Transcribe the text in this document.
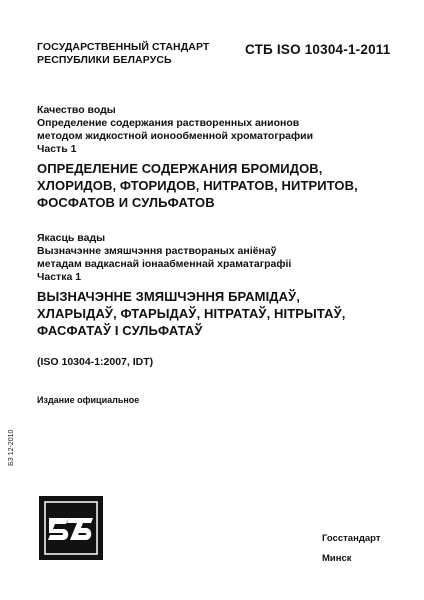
ГОСУДАРСТВЕННЫЙ СТАНДАРТ
РЕСПУБЛИКИ БЕЛАРУСЬ
СТБ ISO 10304-1-2011
Качество воды
Определение содержания растворенных анионов
методом жидкостной ионообменной хроматографии
Часть 1
ОПРЕДЕЛЕНИЕ СОДЕРЖАНИЯ БРОМИДОВ,
ХЛОРИДОВ, ФТОРИДОВ, НИТРАТОВ, НИТРИТОВ,
ФОСФАТОВ И СУЛЬФАТОВ
Якасць вады
Вызначэнне змяшчэння раствораных аніёнаў
метадам вадкаснай іонаабменнай храматаграфіі
Частка 1
ВЫЗНАЧЭННЕ ЗМЯШЧЭННЯ БРАМІДАЎ,
ХЛАРЫДАЎ, ФТАРЫДАЎ, НІТРАТАЎ, НІТРЫТАЎ,
ФАСФАТАЎ І СУЛЬФАТАЎ
(ISO 10304-1:2007, IDT)
Издание официальное
БЗ 12-2010
Госстандарт
Минск
